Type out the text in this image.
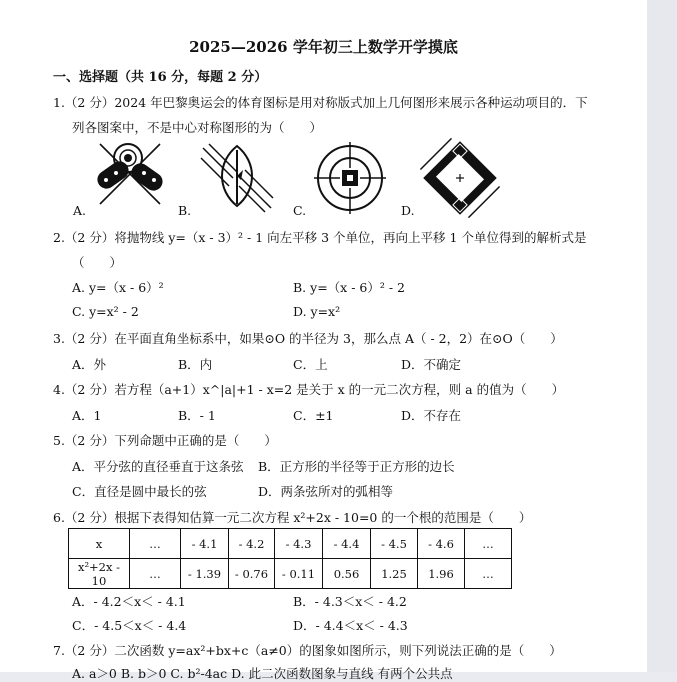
2025—2026 学年初三上数学开学摸底
一、选择题（共 16 分，每题 2 分）
1.（2 分）2024 年巴黎奥运会的体育图标是用对称版式加上几何图形来展示各种运动项目的．下
列各图案中，不是中心对称图形的为（　　）
A.	B.	C.	D.
2.（2 分）将抛物线 y=（x - 3）² - 1 向左平移 3 个单位，再向上平移 1 个单位得到的解析式是
（　　）
A. y=（x - 6）²	B. y=（x - 6）² - 2
C. y=x² - 2	D. y=x²
3.（2 分）在平面直角坐标系中，如果⊙O 的半径为 3，那么点 A（ - 2，2）在⊙O（　　）
A．外	B．内	C．上	D．不确定
4.（2 分）若方程（a+1）x^|a|+1 - x=2 是关于 x 的一元二次方程，则 a 的值为（　　）
A．1	B．- 1	C．±1	D．不存在
5.（2 分）下列命题中正确的是（　　）
A．平分弦的直径垂直于这条弦 B．正方形的半径等于正方形的边长
C．直径是圆中最长的弦	D．两条弦所对的弧相等
6.（2 分）根据下表得知估算一元二次方程 x²+2x - 10=0 的一个根的范围是（　　）
x	…	- 4.1	- 4.2	- 4.3	- 4.4	- 4.5	- 4.6	…
x²+2x - 10	…	- 1.39	- 0.76	- 0.11	0.56	1.25	1.96	…
A．- 4.2＜x＜ - 4.1	B．- 4.3＜x＜ - 4.2
C．- 4.5＜x＜ - 4.4	D．- 4.4＜x＜ - 4.3
7.（2 分）二次函数 y=ax²+bx+c（a≠0）的图象如图所示，则下列说法正确的是（　　）
A. a＞0 B. b＞0 C. b²-4ac D. 此二次函数图象与直线 有两个公共点
